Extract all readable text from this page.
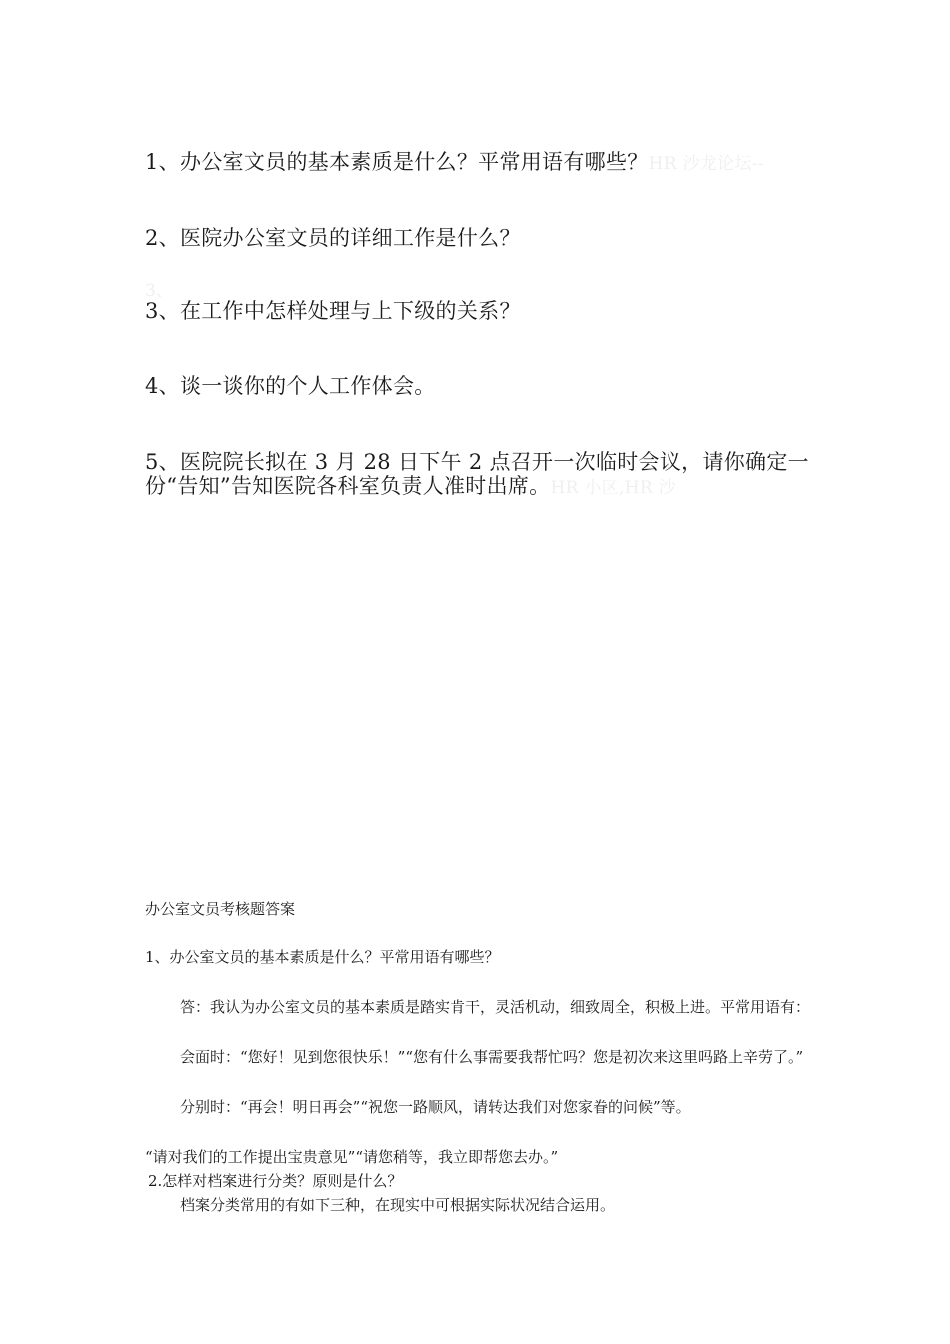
1、办公室文员的基本素质是什么？平常用语有哪些？HR 沙龙论坛--
2、医院办公室文员的详细工作是什么？
3、
3、在工作中怎样处理与上下级的关系？
4、谈一谈你的个人工作体会。
5、医院院长拟在 3 月 28 日下午 2 点召开一次临时会议，请你确定一份“告知”告知医院各科室负责人准时出席。HR 小区,HR 沙
办公室文员考核题答案
1、办公室文员的基本素质是什么？平常用语有哪些？
答：我认为办公室文员的基本素质是踏实肯干，灵活机动，细致周全，积极上进。平常用语有：
会面时：“您好！见到您很快乐！”“您有什么事需要我帮忙吗？您是初次来这里吗路上辛劳了。”
分别时：“再会！明日再会”“祝您一路顺风，请转达我们对您家眷的问候”等。
“请对我们的工作提出宝贵意见”“请您稍等，我立即帮您去办。”
2.怎样对档案进行分类？原则是什么？
档案分类常用的有如下三种，在现实中可根据实际状况结合运用。
